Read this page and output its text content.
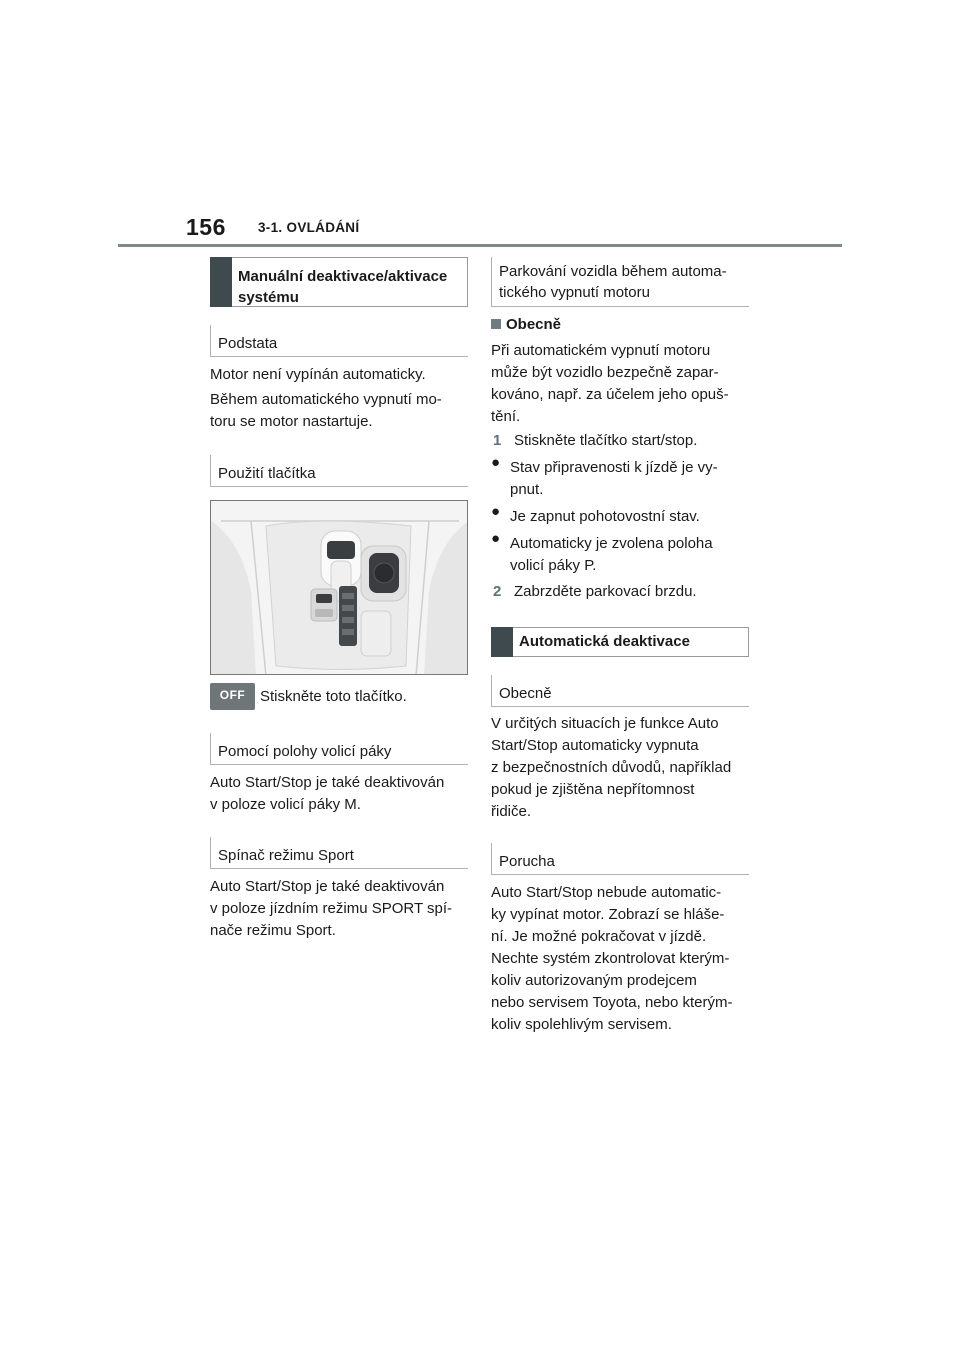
156 3-1. OVLÁDÁNÍ
Manuální deaktivace/aktivace systému
Podstata
Motor není vypínán automaticky.
Během automatického vypnutí mo-
toru se motor nastartuje.
Použití tlačítka
OFF Stiskněte toto tlačítko.
Pomocí polohy volicí páky
Auto Start/Stop je také deaktivován
v poloze volicí páky M.
Spínač režimu Sport
Auto Start/Stop je také deaktivován
v poloze jízdním režimu SPORT spí-
nače režimu Sport.
Parkování vozidla během automa-
tického vypnutí motoru
Obecně
Při automatickém vypnutí motoru
může být vozidlo bezpečně zapar-
kováno, např. za účelem jeho opuš-
tění.
1 Stiskněte tlačítko start/stop.
● Stav připravenosti k jízdě je vy-
pnut.
● Je zapnut pohotovostní stav.
● Automaticky je zvolena poloha
volicí páky P.
2 Zabrzděte parkovací brzdu.
Automatická deaktivace
Obecně
V určitých situacích je funkce Auto
Start/Stop automaticky vypnuta
z bezpečnostních důvodů, například
pokud je zjištěna nepřítomnost
řidiče.
Porucha
Auto Start/Stop nebude automatic-
ky vypínat motor. Zobrazí se hláše-
ní. Je možné pokračovat v jízdě.
Nechte systém zkontrolovat kterým-
koliv autorizovaným prodejcem
nebo servisem Toyota, nebo kterým-
koliv spolehlivým servisem.
